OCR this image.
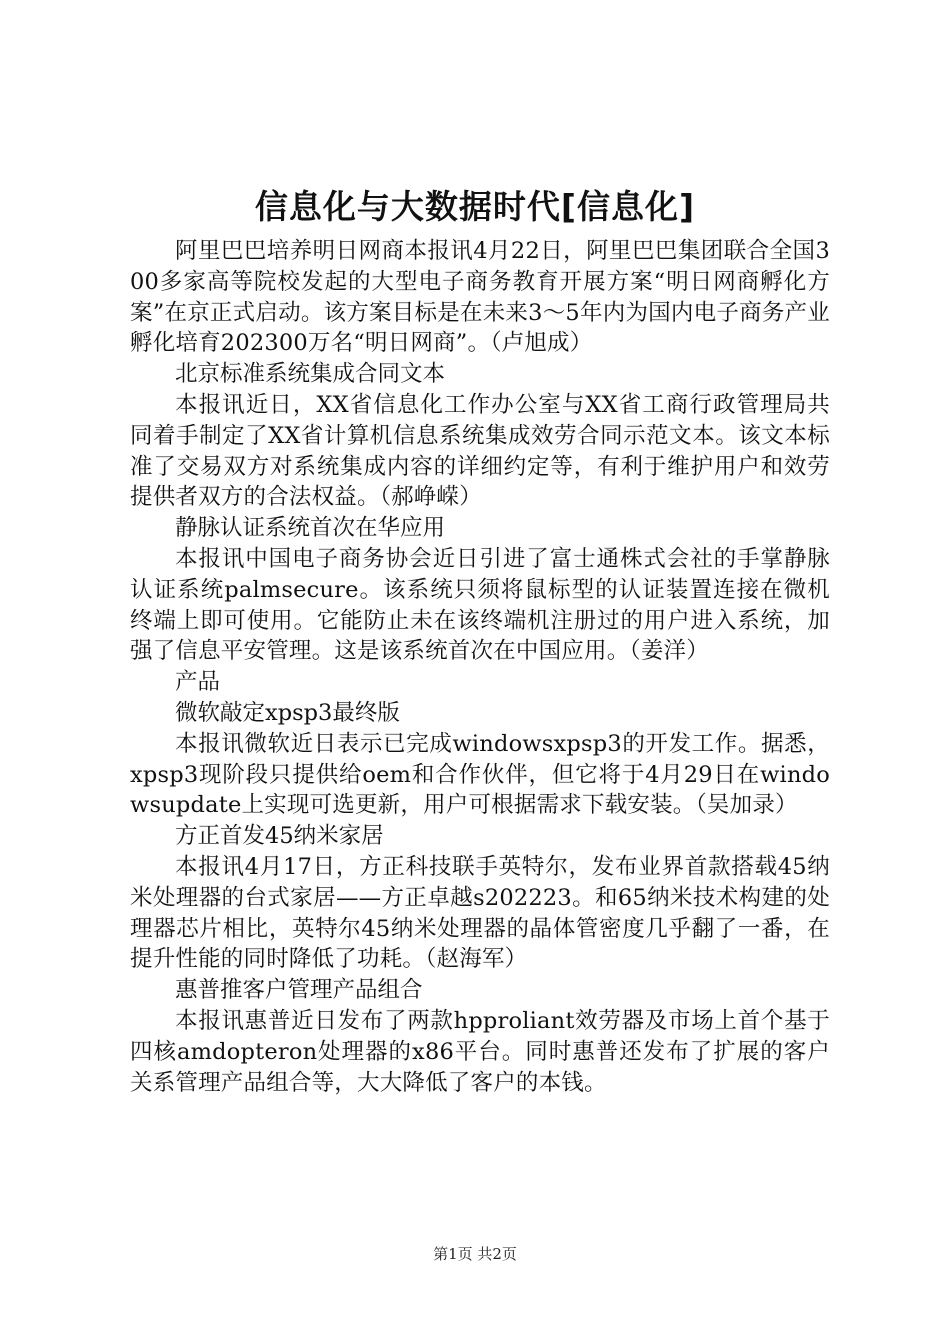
信息化与大数据时代[信息化]

阿里巴巴培养明日网商本报讯4月22日，阿里巴巴集团联合全国300多家高等院校发起的大型电子商务教育开展方案“明日网商孵化方案”在京正式启动。该方案目标是在未来3～5年内为国内电子商务产业孵化培育202300万名“明日网商”。（卢旭成）

北京标准系统集成合同文本

本报讯近日，XX省信息化工作办公室与XX省工商行政管理局共同着手制定了XX省计算机信息系统集成效劳合同示范文本。该文本标准了交易双方对系统集成内容的详细约定等，有利于维护用户和效劳提供者双方的合法权益。（郝峥嵘）

静脉认证系统首次在华应用

本报讯中国电子商务协会近日引进了富士通株式会社的手掌静脉认证系统palmsecure。该系统只须将鼠标型的认证装置连接在微机终端上即可使用。它能防止未在该终端机注册过的用户进入系统，加强了信息平安管理。这是该系统首次在中国应用。（姜洋）

产品

微软敲定xpsp3最终版

本报讯微软近日表示已完成windowsxpsp3的开发工作。据悉，xpsp3现阶段只提供给oem和合作伙伴，但它将于4月29日在windowsupdate上实现可选更新，用户可根据需求下载安装。（吴加录）

方正首发45纳米家居

本报讯4月17日，方正科技联手英特尔，发布业界首款搭载45纳米处理器的台式家居——方正卓越s202223。和65纳米技术构建的处理器芯片相比，英特尔45纳米处理器的晶体管密度几乎翻了一番，在提升性能的同时降低了功耗。（赵海军）

惠普推客户管理产品组合

本报讯惠普近日发布了两款hpproliant效劳器及市场上首个基于四核amdopteron处理器的x86平台。同时惠普还发布了扩展的客户关系管理产品组合等，大大降低了客户的本钱。

第1页 共2页
